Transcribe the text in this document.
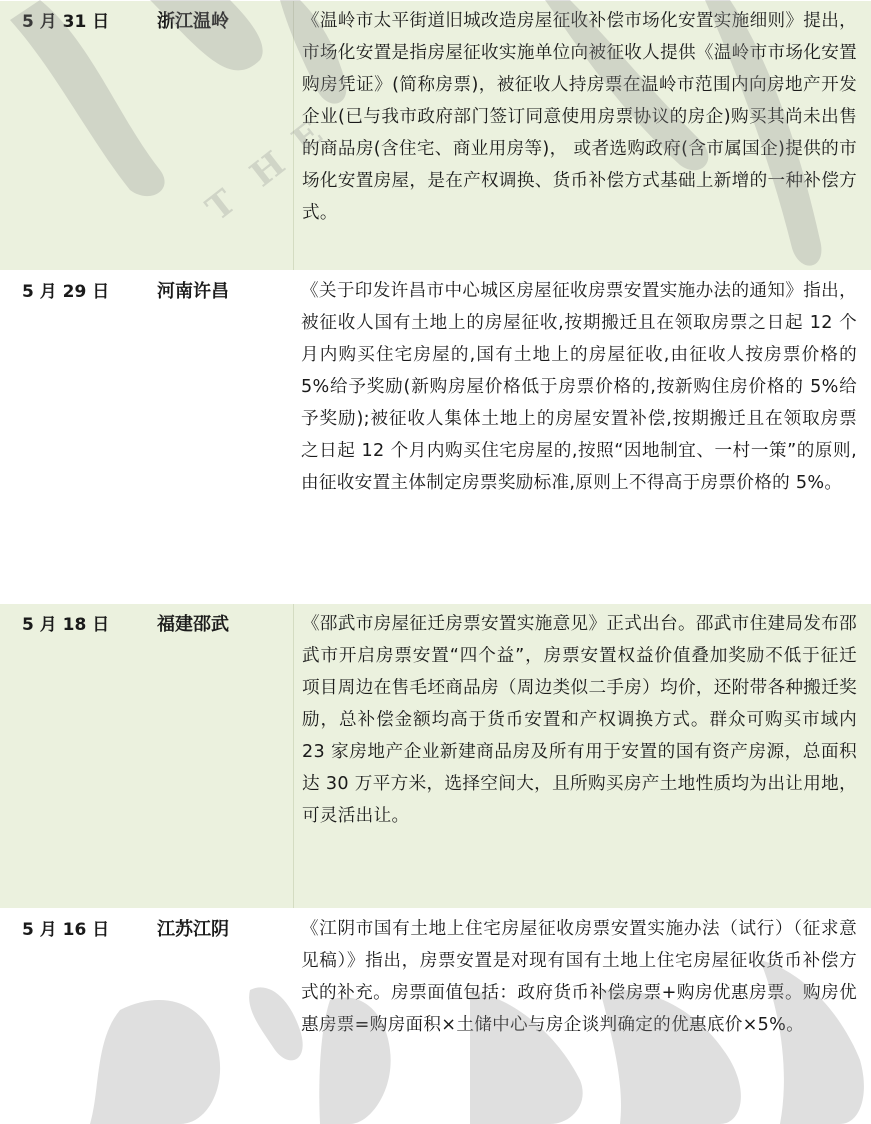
5 月 31 日	浙江温岭	《温岭市太平街道旧城改造房屋征收补偿市场化安置实施细则》提出，市场化安置是指房屋征收实施单位向被征收人提供《温岭市市场化安置购房凭证》(简称房票)，被征收人持房票在温岭市范围内向房地产开发企业(已与我市政府部门签订同意使用房票协议的房企)购买其尚未出售的商品房(含住宅、商业用房等)， 或者选购政府(含市属国企)提供的市场化安置房屋，是在产权调换、货币补偿方式基础上新增的一种补偿方式。
5 月 29 日	河南许昌	《关于印发许昌市中心城区房屋征收房票安置实施办法的通知》指出，被征收人国有土地上的房屋征收,按期搬迁且在领取房票之日起 12 个月内购买住宅房屋的,国有土地上的房屋征收,由征收人按房票价格的 5%给予奖励(新购房屋价格低于房票价格的,按新购住房价格的 5%给予奖励);被征收人集体土地上的房屋安置补偿,按期搬迁且在领取房票之日起 12 个月内购买住宅房屋的,按照“因地制宜、一村一策”的原则,由征收安置主体制定房票奖励标准,原则上不得高于房票价格的 5%。
5 月 18 日	福建邵武	《邵武市房屋征迁房票安置实施意见》正式出台。邵武市住建局发布邵武市开启房票安置“四个益”，房票安置权益价值叠加奖励不低于征迁项目周边在售毛坯商品房（周边类似二手房）均价，还附带各种搬迁奖励，总补偿金额均高于货币安置和产权调换方式。群众可购买市域内 23 家房地产企业新建商品房及所有用于安置的国有资产房源，总面积达 30 万平方米，选择空间大，且所购买房产土地性质均为出让用地，可灵活出让。
5 月 16 日	江苏江阴	《江阴市国有土地上住宅房屋征收房票安置实施办法（试行）（征求意见稿）》指出，房票安置是对现有国有土地上住宅房屋征收货币补偿方式的补充。房票面值包括：政府货币补偿房票+购房优惠房票。购房优惠房票=购房面积×土储中心与房企谈判确定的优惠底价×5%。
T
H
E
